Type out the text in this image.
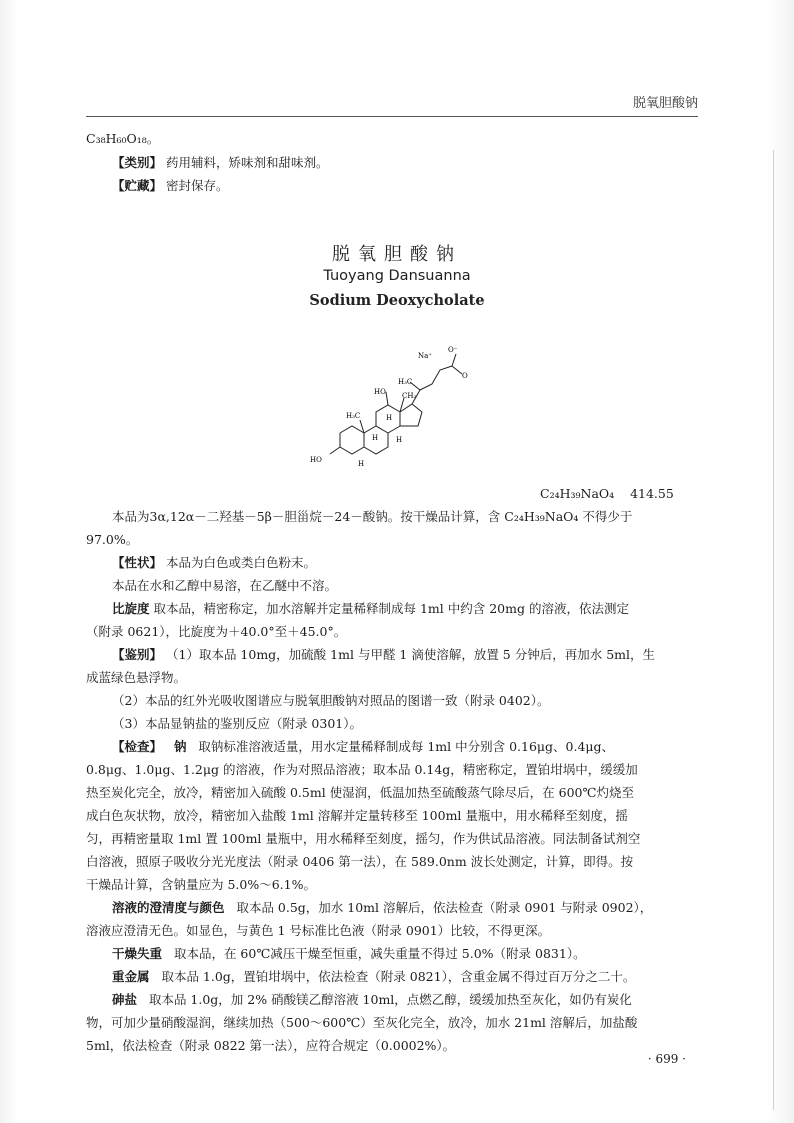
脱氧胆酸钠
C₃₈H₆₀O₁₈。
【类别】 药用辅料，矫味剂和甜味剂。
【贮藏】 密封保存。
脱氧胆酸钠
Tuoyang Dansuanna
Sodium Deoxycholate
Na⁺
O⁻
H₃C
HO CH₃
H₃C	H
H	H
HO	H
O
C₂₄H₃₉NaO₄ 414.55
本品为3α,12α－二羟基－5β－胆甾烷－24－酸钠。按干燥品计算，含 C₂₄H₃₉NaO₄ 不得少于
97.0%。
【性状】 本品为白色或类白色粉末。
本品在水和乙醇中易溶，在乙醚中不溶。
比旋度 取本品，精密称定，加水溶解并定量稀释制成每 1ml 中约含 20mg 的溶液，依法测定
（附录 0621），比旋度为＋40.0°至＋45.0°。
【鉴别】 （1）取本品 10mg，加硫酸 1ml 与甲醛 1 滴使溶解，放置 5 分钟后，再加水 5ml，生
成蓝绿色悬浮物。
（2）本品的红外光吸收图谱应与脱氧胆酸钠对照品的图谱一致（附录 0402）。
（3）本品显钠盐的鉴别反应（附录 0301）。
【检查】 钠 取钠标准溶液适量，用水定量稀释制成每 1ml 中分别含 0.16μg、0.4μg、
0.8μg、1.0μg、1.2μg 的溶液，作为对照品溶液；取本品 0.14g，精密称定，置铂坩埚中，缓缓加
热至炭化完全，放冷，精密加入硫酸 0.5ml 使湿润，低温加热至硫酸蒸气除尽后，在 600℃灼烧至
成白色灰状物，放冷，精密加入盐酸 1ml 溶解并定量转移至 100ml 量瓶中，用水稀释至刻度，摇
匀，再精密量取 1ml 置 100ml 量瓶中，用水稀释至刻度，摇匀，作为供试品溶液。同法制备试剂空
白溶液，照原子吸收分光光度法（附录 0406 第一法），在 589.0nm 波长处测定，计算，即得。按
干燥品计算，含钠量应为 5.0%～6.1%。
溶液的澄清度与颜色 取本品 0.5g，加水 10ml 溶解后，依法检查（附录 0901 与附录 0902），
溶液应澄清无色。如显色，与黄色 1 号标准比色液（附录 0901）比较，不得更深。
干燥失重 取本品，在 60℃减压干燥至恒重，减失重量不得过 5.0%（附录 0831）。
重金属 取本品 1.0g，置铂坩埚中，依法检查（附录 0821），含重金属不得过百万分之二十。
砷盐 取本品 1.0g，加 2% 硝酸镁乙醇溶液 10ml，点燃乙醇，缓缓加热至灰化，如仍有炭化
物，可加少量硝酸湿润，继续加热（500～600℃）至灰化完全，放冷，加水 21ml 溶解后，加盐酸
5ml，依法检查（附录 0822 第一法），应符合规定（0.0002%）。
· 699 ·
